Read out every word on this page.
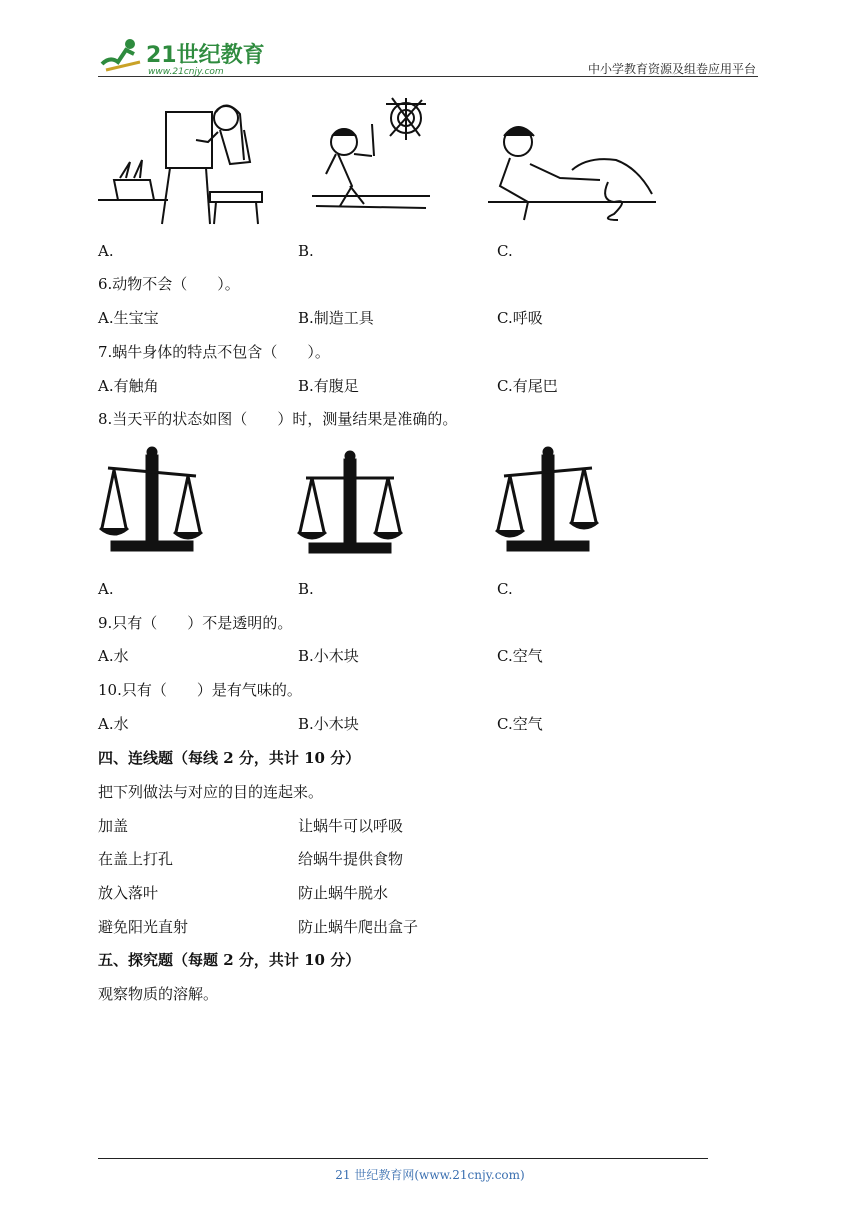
21世纪教育
www.21cnjy.com	中小学教育资源及组卷应用平台
A.	B.	C.
6.动物不会（　　）。
A.生宝宝	B.制造工具	C.呼吸
7.蜗牛身体的特点不包含（　　）。
A.有触角	B.有腹足	C.有尾巴
8.当天平的状态如图（　　）时，测量结果是准确的。
A.	B.	C.
9.只有（　　）不是透明的。
A.水	B.小木块	C.空气
10.只有（　　）是有气味的。
A.水	B.小木块	C.空气
四、连线题（每线 2 分，共计 10 分）
把下列做法与对应的目的连起来。
加盖	让蜗牛可以呼吸
在盖上打孔	给蜗牛提供食物
放入落叶	防止蜗牛脱水
避免阳光直射	防止蜗牛爬出盒子
五、探究题（每题 2 分，共计 10 分）
观察物质的溶解。
21 世纪教育网(www.21cnjy.com)
